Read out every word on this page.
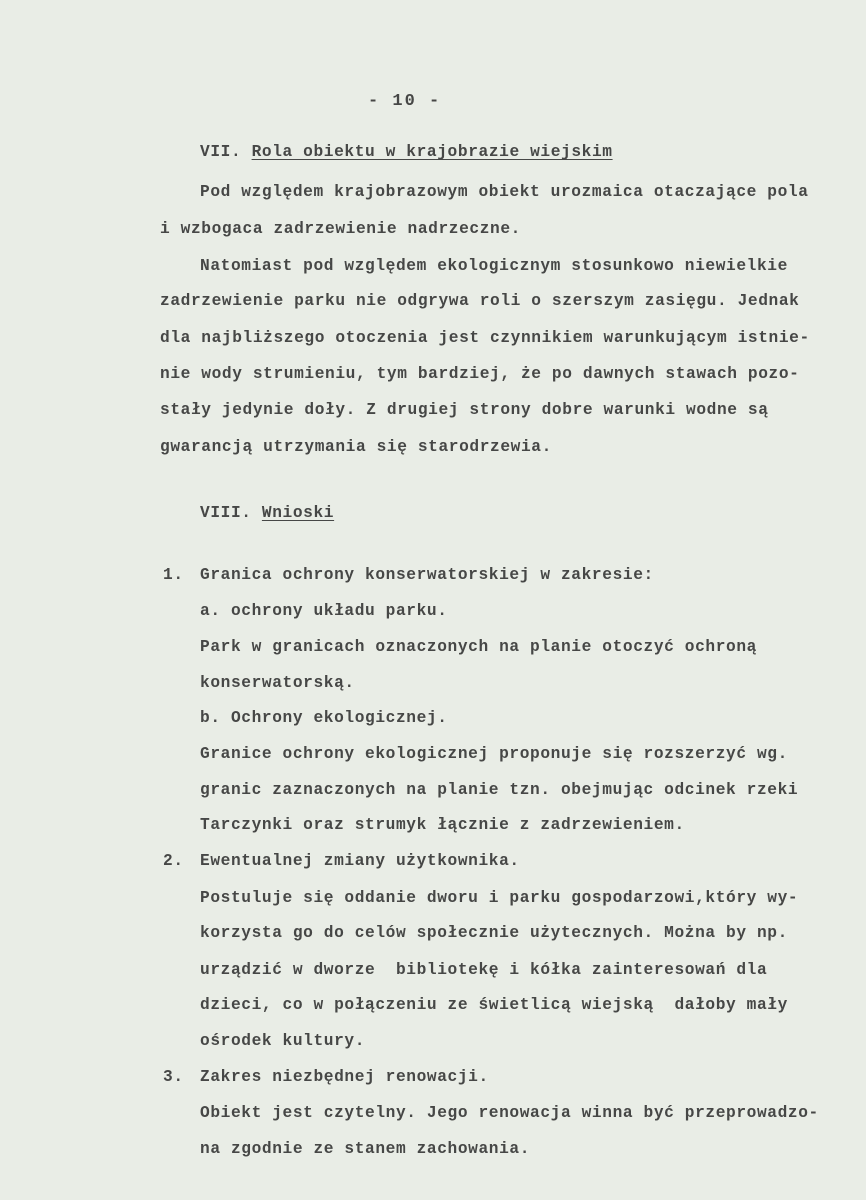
- 10 -
VII. Rola obiektu w krajobrazie wiejskim
Pod względem krajobrazowym obiekt urozmaica otaczające pola
i wzbogaca zadrzewienie nadrzeczne.
Natomiast pod względem ekologicznym stosunkowo niewielkie
zadrzewienie parku nie odgrywa roli o szerszym zasięgu. Jednak
dla najbliższego otoczenia jest czynnikiem warunkującym istnie-
nie wody strumieniu, tym bardziej, że po dawnych stawach pozo-
stały jedynie doły. Z drugiej strony dobre warunki wodne są
gwarancją utrzymania się starodrzewia.
VIII. Wnioski
1. Granica ochrony konserwatorskiej w zakresie:
a. ochrony układu parku.
Park w granicach oznaczonych na planie otoczyć ochroną
konserwatorską.
b. Ochrony ekologicznej.
Granice ochrony ekologicznej proponuje się rozszerzyć wg.
granic zaznaczonych na planie tzn. obejmując odcinek rzeki
Tarczynki oraz strumyk łącznie z zadrzewieniem.
2. Ewentualnej zmiany użytkownika.
Postuluje się oddanie dworu i parku gospodarzowi,który wy-
korzysta go do celów społecznie użytecznych. Można by np.
urządzić w dworze  bibliotekę i kółka zainteresowań dla
dzieci, co w połączeniu ze świetlicą wiejską  dałoby mały
ośrodek kultury.
3. Zakres niezbędnej renowacji.
Obiekt jest czytelny. Jego renowacja winna być przeprowadzo-
na zgodnie ze stanem zachowania.
